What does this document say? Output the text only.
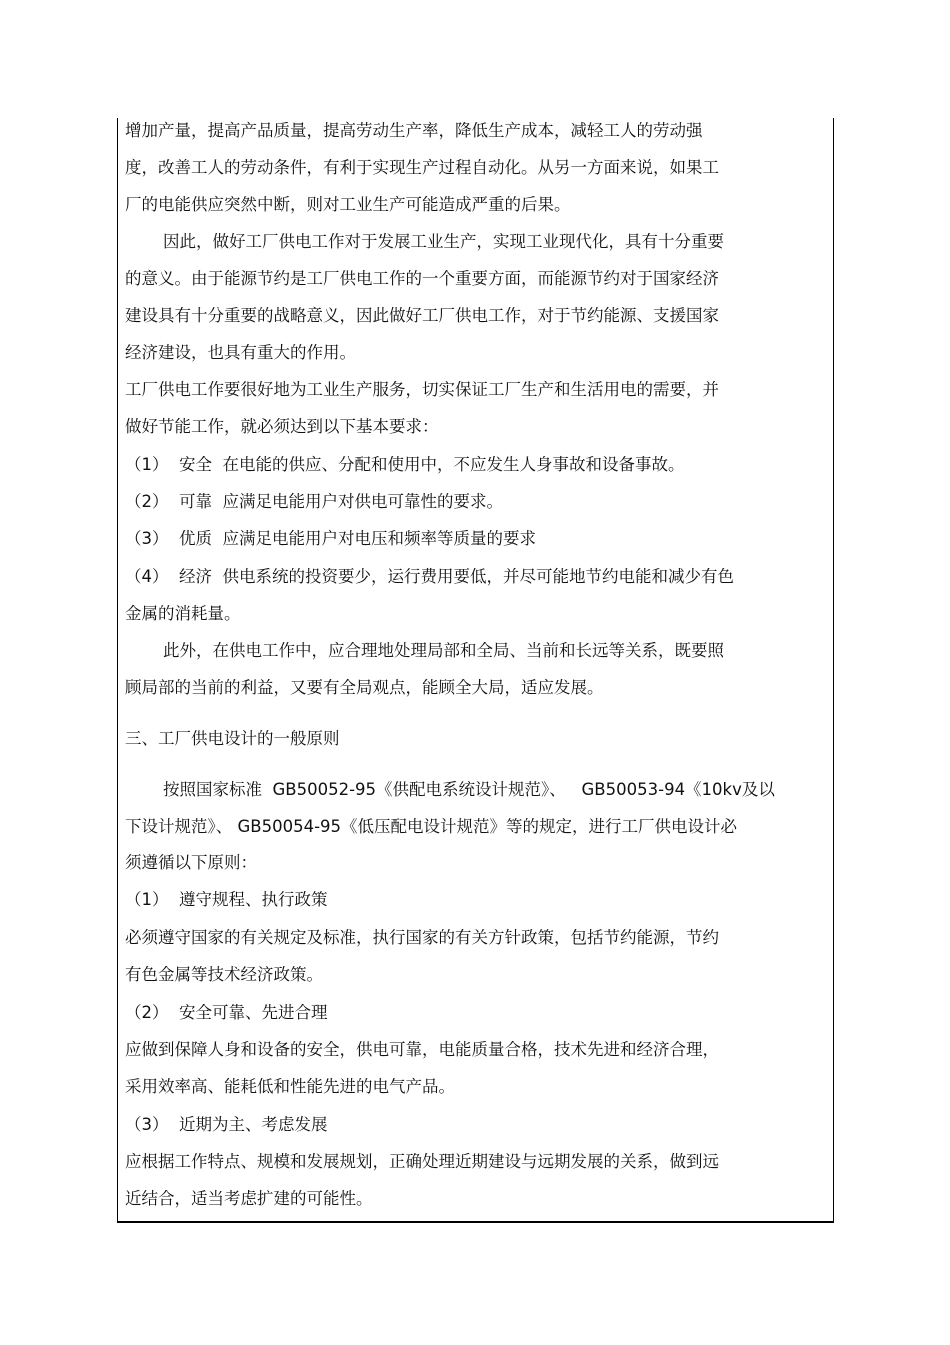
增加产量，提高产品质量，提高劳动生产率，降低生产成本，减轻工人的劳动强
度，改善工人的劳动条件，有利于实现生产过程自动化。从另一方面来说，如果工
厂的电能供应突然中断，则对工业生产可能造成严重的后果。
因此，做好工厂供电工作对于发展工业生产，实现工业现代化，具有十分重要
的意义。由于能源节约是工厂供电工作的一个重要方面，而能源节约对于国家经济
建设具有十分重要的战略意义，因此做好工厂供电工作，对于节约能源、支援国家
经济建设，也具有重大的作用。
工厂供电工作要很好地为工业生产服务，切实保证工厂生产和生活用电的需要，并
做好节能工作，就必须达到以下基本要求：
（1）  安全  在电能的供应、分配和使用中，不应发生人身事故和设备事故。
（2）  可靠  应满足电能用户对供电可靠性的要求。
（3）  优质  应满足电能用户对电压和频率等质量的要求
（4）  经济  供电系统的投资要少，运行费用要低，并尽可能地节约电能和减少有色
金属的消耗量。
此外，在供电工作中，应合理地处理局部和全局、当前和长远等关系，既要照
顾局部的当前的利益，又要有全局观点，能顾全大局，适应发展。
三、工厂供电设计的一般原则
按照国家标准  GB50052-95《供配电系统设计规范》、   GB50053-94《10kv及以
下设计规范》、 GB50054-95《低压配电设计规范》等的规定，进行工厂供电设计必
须遵循以下原则：
（1）  遵守规程、执行政策
必须遵守国家的有关规定及标准，执行国家的有关方针政策，包括节约能源，节约
有色金属等技术经济政策。
（2）  安全可靠、先进合理
应做到保障人身和设备的安全，供电可靠，电能质量合格，技术先进和经济合理，
采用效率高、能耗低和性能先进的电气产品。
（3）  近期为主、考虑发展
应根据工作特点、规模和发展规划，正确处理近期建设与远期发展的关系，做到远
近结合，适当考虑扩建的可能性。
